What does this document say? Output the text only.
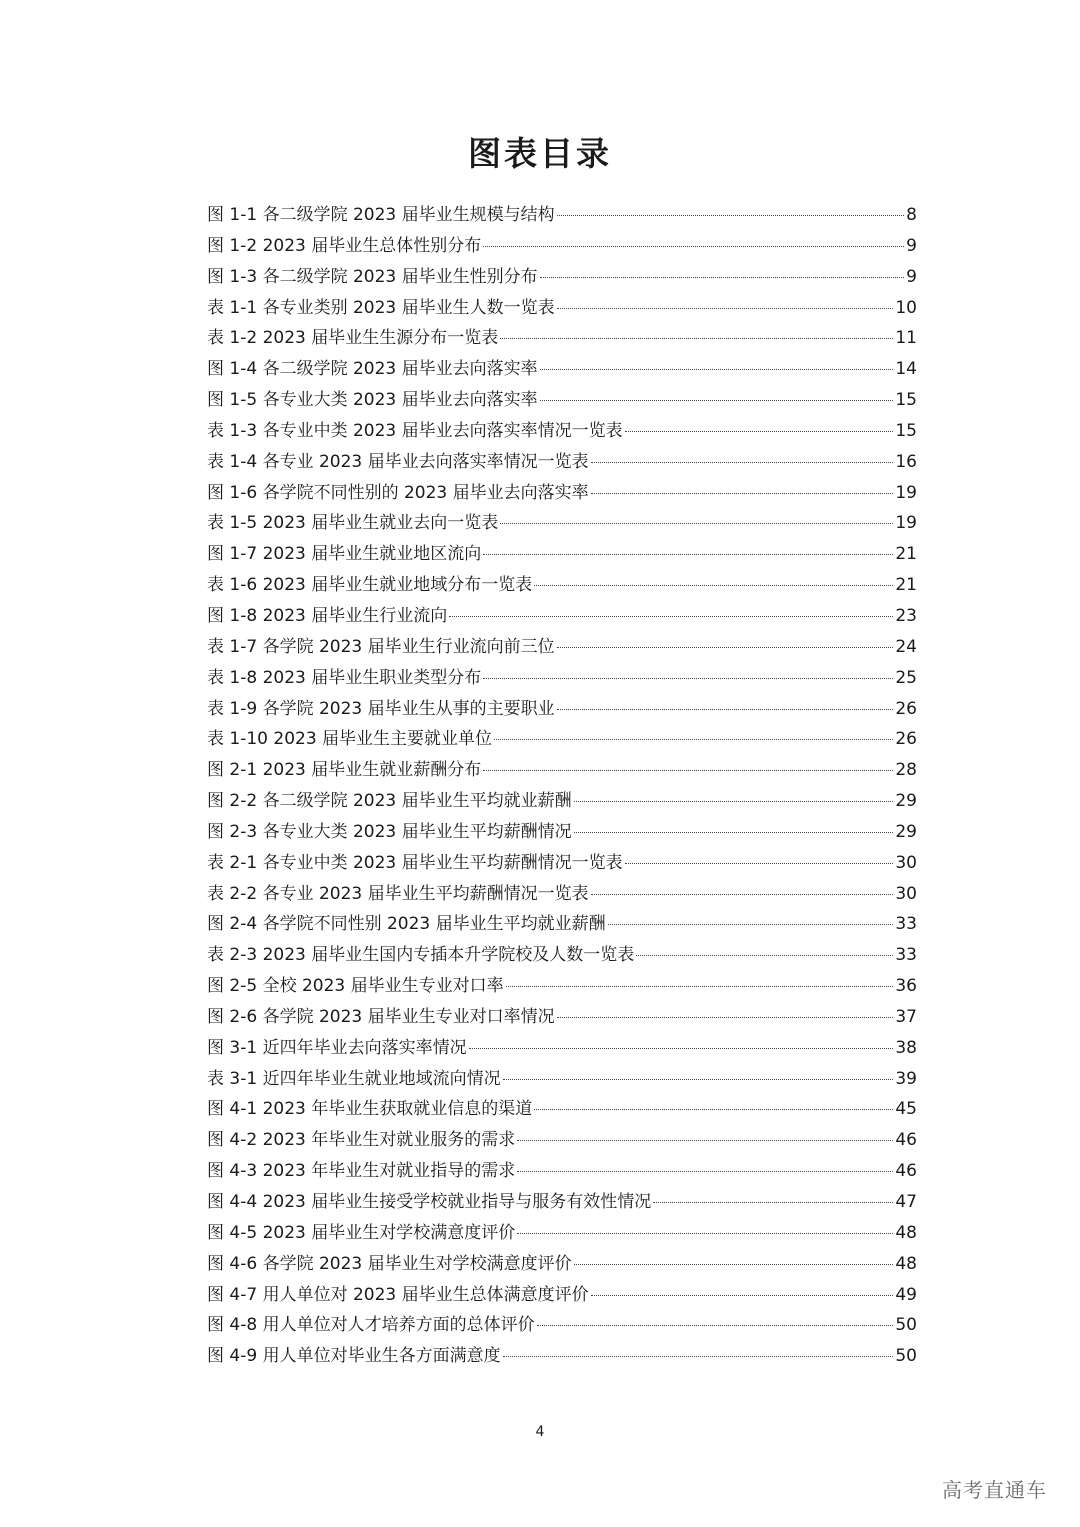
图表目录
图 1-1 各二级学院 2023 届毕业生规模与结构	8
图 1-2 2023 届毕业生总体性别分布	9
图 1-3 各二级学院 2023 届毕业生性别分布	9
表 1-1 各专业类别 2023 届毕业生人数一览表	10
表 1-2 2023 届毕业生生源分布一览表	11
图 1-4 各二级学院 2023 届毕业去向落实率	14
图 1-5 各专业大类 2023 届毕业去向落实率	15
表 1-3 各专业中类 2023 届毕业去向落实率情况一览表	15
表 1-4 各专业 2023 届毕业去向落实率情况一览表	16
图 1-6 各学院不同性别的 2023 届毕业去向落实率	19
表 1-5 2023 届毕业生就业去向一览表	19
图 1-7 2023 届毕业生就业地区流向	21
表 1-6 2023 届毕业生就业地域分布一览表	21
图 1-8 2023 届毕业生行业流向	23
表 1-7 各学院 2023 届毕业生行业流向前三位	24
表 1-8 2023 届毕业生职业类型分布	25
表 1-9 各学院 2023 届毕业生从事的主要职业	26
表 1-10 2023 届毕业生主要就业单位	26
图 2-1 2023 届毕业生就业薪酬分布	28
图 2-2 各二级学院 2023 届毕业生平均就业薪酬	29
图 2-3 各专业大类 2023 届毕业生平均薪酬情况	29
表 2-1 各专业中类 2023 届毕业生平均薪酬情况一览表	30
表 2-2 各专业 2023 届毕业生平均薪酬情况一览表	30
图 2-4 各学院不同性别 2023 届毕业生平均就业薪酬	33
表 2-3 2023 届毕业生国内专插本升学院校及人数一览表	33
图 2-5 全校 2023 届毕业生专业对口率	36
图 2-6 各学院 2023 届毕业生专业对口率情况	37
图 3-1 近四年毕业去向落实率情况	38
表 3-1 近四年毕业生就业地域流向情况	39
图 4-1 2023 年毕业生获取就业信息的渠道	45
图 4-2 2023 年毕业生对就业服务的需求	46
图 4-3 2023 年毕业生对就业指导的需求	46
图 4-4 2023 届毕业生接受学校就业指导与服务有效性情况	47
图 4-5 2023 届毕业生对学校满意度评价	48
图 4-6 各学院 2023 届毕业生对学校满意度评价	48
图 4-7 用人单位对 2023 届毕业生总体满意度评价	49
图 4-8 用人单位对人才培养方面的总体评价	50
图 4-9 用人单位对毕业生各方面满意度	50
4
高考直通车
